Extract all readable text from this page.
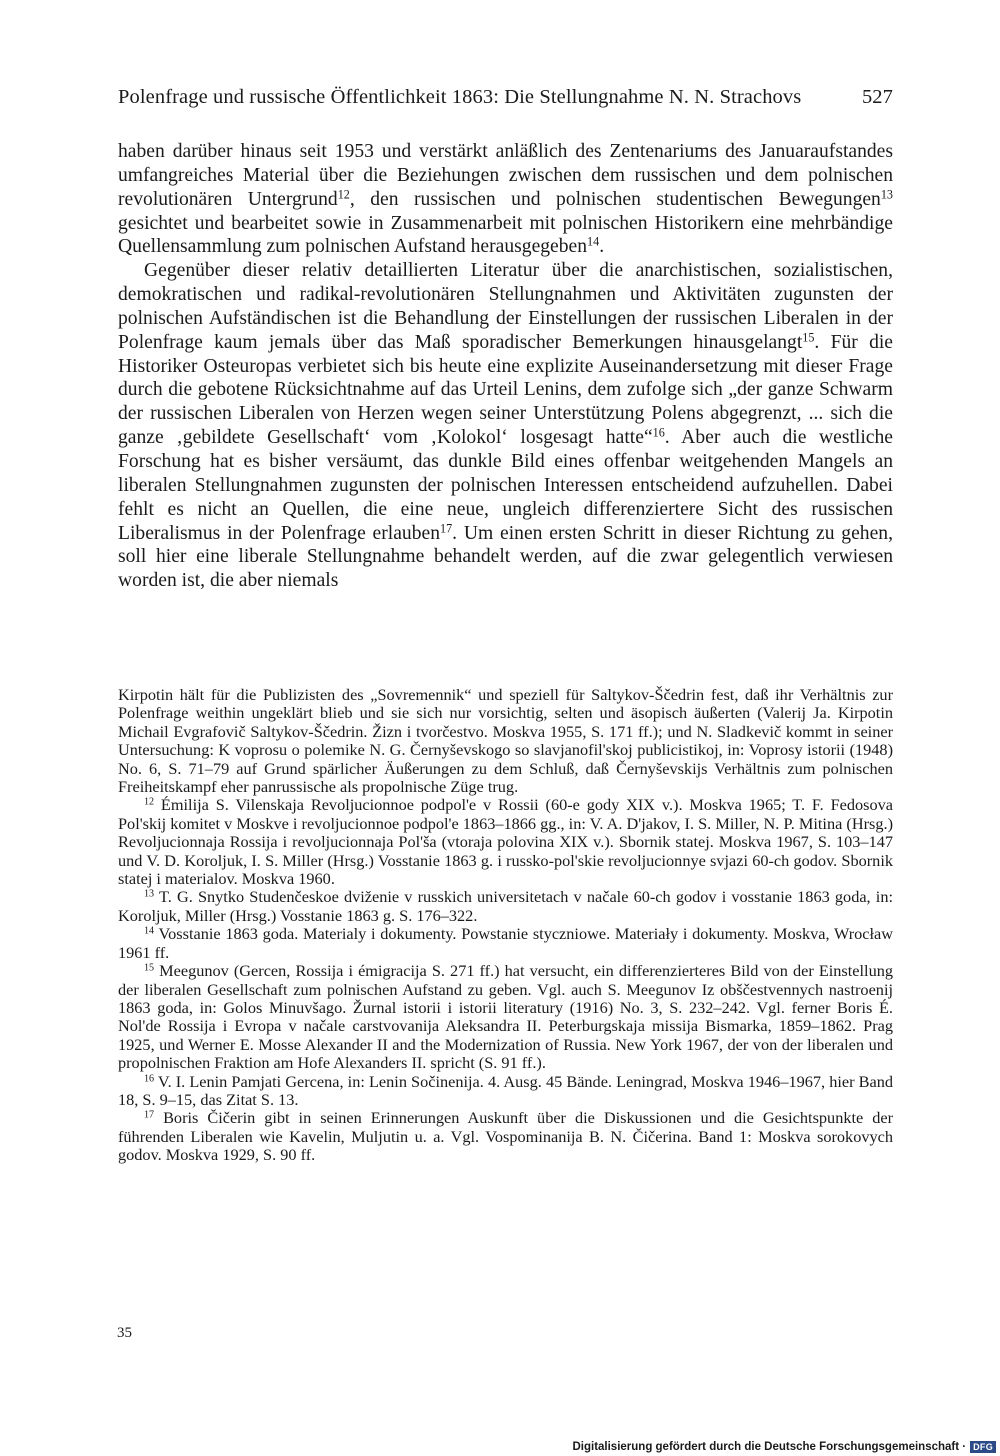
Polenfrage und russische Öffentlichkeit 1863: Die Stellungnahme N. N. Strachovs	527

haben darüber hinaus seit 1953 und verstärkt anläßlich des Zentenariums des Januaraufstandes umfangreiches Material über die Beziehungen zwischen dem russischen und dem polnischen revolutionären Untergrund$^{12}$, den russischen und polnischen studentischen Bewegungen$^{13}$ gesichtet und bearbeitet sowie in Zusammenarbeit mit polnischen Historikern eine mehrbändige Quellensammlung zum polnischen Aufstand herausgegeben$^{14}$.

Gegenüber dieser relativ detaillierten Literatur über die anarchistischen, sozialistischen, demokratischen und radikal-revolutionären Stellungnahmen und Aktivitäten zugunsten der polnischen Aufständischen ist die Behandlung der Einstellungen der russischen Liberalen in der Polenfrage kaum jemals über das Maß sporadischer Bemerkungen hinausgelangt$^{15}$. Für die Historiker Osteuropas verbietet sich bis heute eine explizite Auseinandersetzung mit dieser Frage durch die gebotene Rücksichtnahme auf das Urteil Lenins, dem zufolge sich „der ganze Schwarm der russischen Liberalen von Herzen wegen seiner Unterstützung Polens abgegrenzt, ... sich die ganze ‚gebildete Gesellschaft‘ vom ‚Kolokol‘ losgesagt hatte“$^{16}$. Aber auch die westliche Forschung hat es bisher versäumt, das dunkle Bild eines offenbar weitgehenden Mangels an liberalen Stellungnahmen zugunsten der polnischen Interessen entscheidend aufzuhellen. Dabei fehlt es nicht an Quellen, die eine neue, ungleich differenziertere Sicht des russischen Liberalismus in der Polenfrage erlauben$^{17}$. Um einen ersten Schritt in dieser Richtung zu gehen, soll hier eine liberale Stellungnahme behandelt werden, auf die zwar gelegentlich verwiesen worden ist, die aber niemals

Kirpotin hält für die Publizisten des „Sovremennik“ und speziell für Saltykov-Ščedrin fest, daß ihr Verhältnis zur Polenfrage weithin ungeklärt blieb und sie sich nur vorsichtig, selten und äsopisch äußerten (Valerij Ja. Kirpotin Michail Evgrafovič Saltykov-Ščedrin. Žizn i tvorčestvo. Moskva 1955, S. 171 ff.); und N. Sladkevič kommt in seiner Untersuchung: K voprosu o polemike N. G. Černyševskogo so slavjanofil'skoj publicistikoj, in: Voprosy istorii (1948) No. 6, S. 71–79 auf Grund spärlicher Äußerungen zu dem Schluß, daß Černyševskijs Verhältnis zum polnischen Freiheitskampf eher panrussische als propolnische Züge trug.

$^{12}$ Émilija S. Vilenskaja Revoljucionnoe podpol'e v Rossii (60-e gody XIX v.). Moskva 1965; T. F. Fedosova Pol'skij komitet v Moskve i revoljucionnoe podpol'e 1863–1866 gg., in: V. A. D'jakov, I. S. Miller, N. P. Mitina (Hrsg.) Revoljucionnaja Rossija i revoljucionnaja Pol'ša (vtoraja polovina XIX v.). Sbornik statej. Moskva 1967, S. 103–147 und V. D. Koroljuk, I. S. Miller (Hrsg.) Vosstanie 1863 g. i russko-pol'skie revoljucionnye svjazi 60-ch godov. Sbornik statej i materialov. Moskva 1960.

$^{13}$ T. G. Snytko Studenčeskoe dviženie v russkich universitetach v načale 60-ch godov i vosstanie 1863 goda, in: Koroljuk, Miller (Hrsg.) Vosstanie 1863 g. S. 176–322.

$^{14}$ Vosstanie 1863 goda. Materialy i dokumenty. Powstanie styczniowe. Materiały i dokumenty. Moskva, Wrocław 1961 ff.

$^{15}$ Meegunov (Gercen, Rossija i émigracija S. 271 ff.) hat versucht, ein differenzierteres Bild von der Einstellung der liberalen Gesellschaft zum polnischen Aufstand zu geben. Vgl. auch S. Meegunov Iz obščestvennych nastroenij 1863 goda, in: Golos Minuvšago. Žurnal istorii i istorii literatury (1916) No. 3, S. 232–242. Vgl. ferner Boris É. Nol'de Rossija i Evropa v načale carstvovanija Aleksandra II. Peterburgskaja missija Bismarka, 1859–1862. Prag 1925, und Werner E. Mosse Alexander II and the Modernization of Russia. New York 1967, der von der liberalen und propolnischen Fraktion am Hofe Alexanders II. spricht (S. 91 ff.).

$^{16}$ V. I. Lenin Pamjati Gercena, in: Lenin Sočinenija. 4. Ausg. 45 Bände. Leningrad, Moskva 1946–1967, hier Band 18, S. 9–15, das Zitat S. 13.

$^{17}$ Boris Čičerin gibt in seinen Erinnerungen Auskunft über die Diskussionen und die Gesichtspunkte der führenden Liberalen wie Kavelin, Muljutin u. a. Vgl. Vospominanija B. N. Čičerina. Band 1: Moskva sorokovych godov. Moskva 1929, S. 90 ff.

35
Digitalisierung gefördert durch die Deutsche Forschungsgemeinschaft · DFG
